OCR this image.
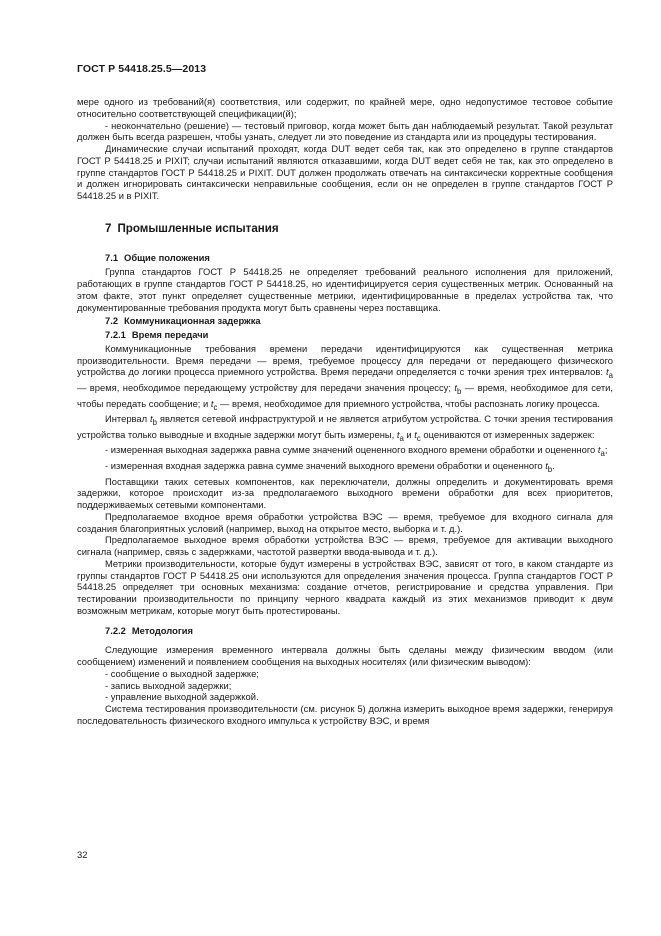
ГОСТ Р 54418.25.5—2013

мере одного из требований(я) соответствия, или содержит, по крайней мере, одно недопустимое тестовое событие относительно соответствующей спецификации(й);

- неокончательно (решение) — тестовый приговор, когда может быть дан наблюдаемый результат. Такой результат должен быть всегда разрешен, чтобы узнать, следует ли это поведение из стандарта или из процедуры тестирования.

Динамические случаи испытаний проходят, когда DUT ведет себя так, как это определено в группе стандартов ГОСТ Р 54418.25 и PIXIT; случаи испытаний являются отказавшими, когда DUT ведет себя не так, как это определено в группе стандартов ГОСТ Р 54418.25 и PIXIT. DUT должен продолжать отвечать на синтаксически корректные сообщения и должен игнорировать синтаксически неправильные сообщения, если он не определен в группе стандартов ГОСТ Р 54418.25 и в PIXIT.

7 Промышленные испытания

7.1 Общие положения

Группа стандартов ГОСТ Р 54418.25 не определяет требований реального исполнения для приложений, работающих в группе стандартов ГОСТ Р 54418.25, но идентифицируется серия существенных метрик. Основанный на этом факте, этот пункт определяет существенные метрики, идентифицированные в пределах устройства так, что документированные требования продукта могут быть сравнены через поставщика.

7.2 Коммуникационная задержка

7.2.1 Время передачи

Коммуникационные требования времени передачи идентифицируются как существенная метрика производительности. Время передачи — время, требуемое процессу для передачи от передающего физического устройства до логики процесса приемного устройства. Время передачи определяется с точки зрения трех интервалов: $t_a$ — время, необходимое передающему устройству для передачи значения процессу; $t_b$ — время, необходимое для сети, чтобы передать сообщение; и $t_c$ — время, необходимое для приемного устройства, чтобы распознать логику процесса.

Интервал $t_b$ является сетевой инфраструктурой и не является атрибутом устройства. С точки зрения тестирования устройства только выводные и входные задержки могут быть измерены, $t_a$ и $t_c$ оцениваются от измеренных задержек:

- измеренная выходная задержка равна сумме значений оцененного входного времени обработки и оцененного $t_a$;

- измеренная входная задержка равна сумме значений выходного времени обработки и оцененного $t_b$.

Поставщики таких сетевых компонентов, как переключатели, должны определить и документировать время задержки, которое происходит из-за предполагаемого выходного времени обработки для всех приоритетов, поддерживаемых сетевыми компонентами.

Предполагаемое входное время обработки устройства ВЭС — время, требуемое для входного сигнала для создания благоприятных условий (например, выход на открытое место, выборка и т. д.).

Предполагаемое выходное время обработки устройства ВЭС — время, требуемое для активации выходного сигнала (например, связь с задержками, частотой развертки ввода-вывода и т. д.).

Метрики производительности, которые будут измерены в устройствах ВЭС, зависят от того, в каком стандарте из группы стандартов ГОСТ Р 54418.25 они используются для определения значения процесса. Группа стандартов ГОСТ Р 54418.25 определяет три основных механизма: создание отчетов, регистрирование и средства управления. При тестировании производительности по принципу черного квадрата каждый из этих механизмов приводит к двум возможным метрикам, которые могут быть протестированы.

7.2.2 Методология

Следующие измерения временного интервала должны быть сделаны между физическим вводом (или сообщением) изменений и появлением сообщения на выходных носителях (или физическим выводом):

- сообщение о выходной задержке;

- запись выходной задержки;

- управление выходной задержкой.

Система тестирования производительности (см. рисунок 5) должна измерить выходное время задержки, генерируя последовательность физического входного импульса к устройству ВЭС, и время

32
